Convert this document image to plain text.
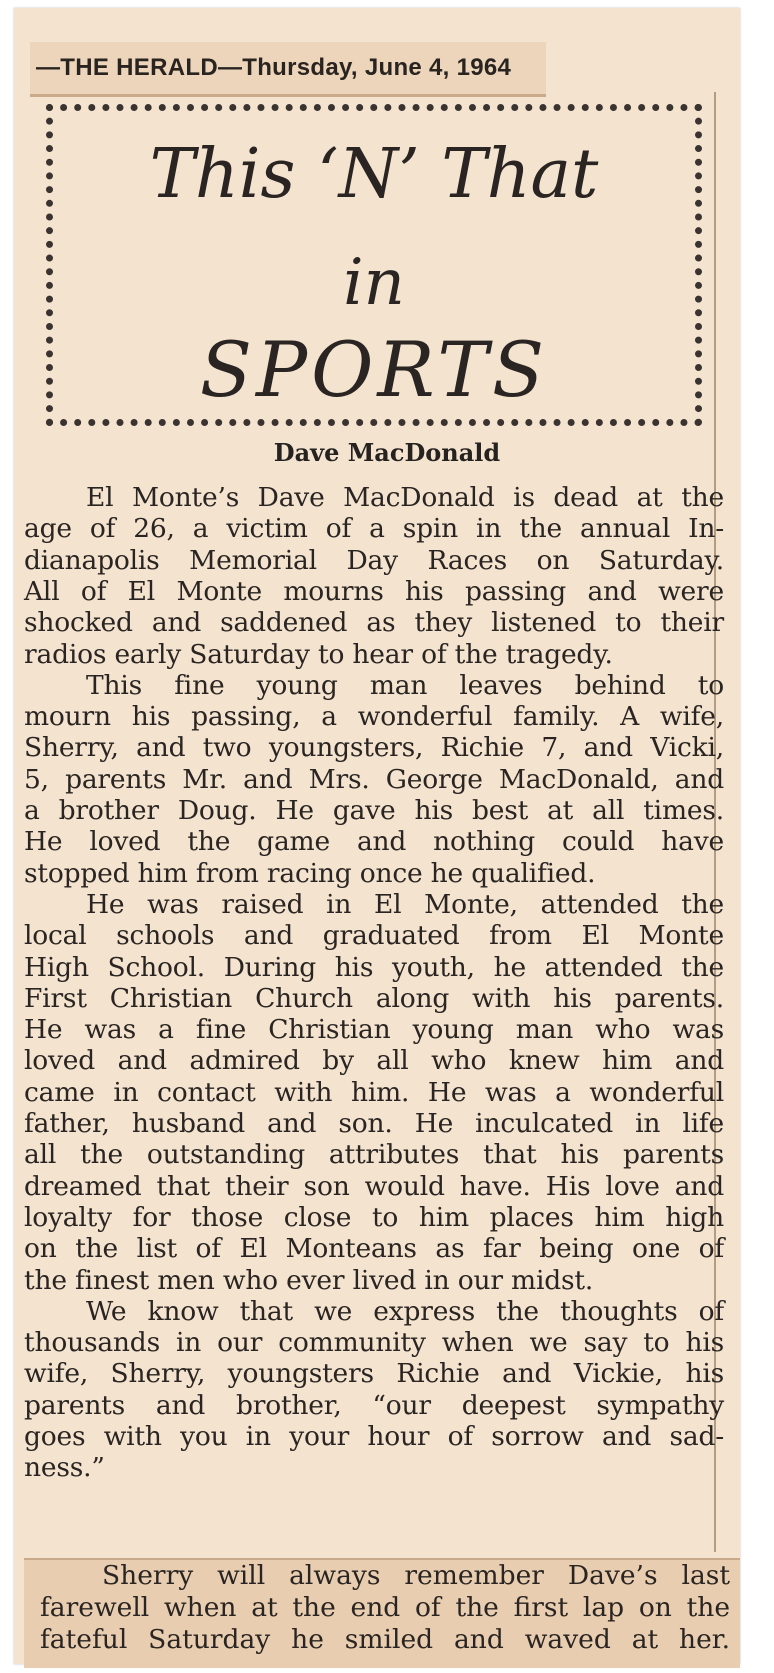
—THE HERALD—Thursday, June 4, 1964
This ‘N’ That
in
SPORTS
Dave MacDonald
El Monte’s Dave MacDonald is dead at the
age of 26, a victim of a spin in the annual In-
dianapolis Memorial Day Races on Saturday.
All of El Monte mourns his passing and were
shocked and saddened as they listened to their
radios early Saturday to hear of the tragedy.
This fine young man leaves behind to
mourn his passing, a wonderful family. A wife,
Sherry, and two youngsters, Richie 7, and Vicki,
5, parents Mr. and Mrs. George MacDonald, and
a brother Doug. He gave his best at all times.
He loved the game and nothing could have
stopped him from racing once he qualified.
He was raised in El Monte, attended the
local schools and graduated from El Monte
High School. During his youth, he attended the
First Christian Church along with his parents.
He was a fine Christian young man who was
loved and admired by all who knew him and
came in contact with him. He was a wonderful
father, husband and son. He inculcated in life
all the outstanding attributes that his parents
dreamed that their son would have. His love and
loyalty for those close to him places him high
on the list of El Monteans as far being one of
the finest men who ever lived in our midst.
We know that we express the thoughts of
thousands in our community when we say to his
wife, Sherry, youngsters Richie and Vickie, his
parents and brother, “our deepest sympathy
goes with you in your hour of sorrow and sad-
ness.”
Sherry will always remember Dave’s last
farewell when at the end of the first lap on the
fateful Saturday he smiled and waved at her.
